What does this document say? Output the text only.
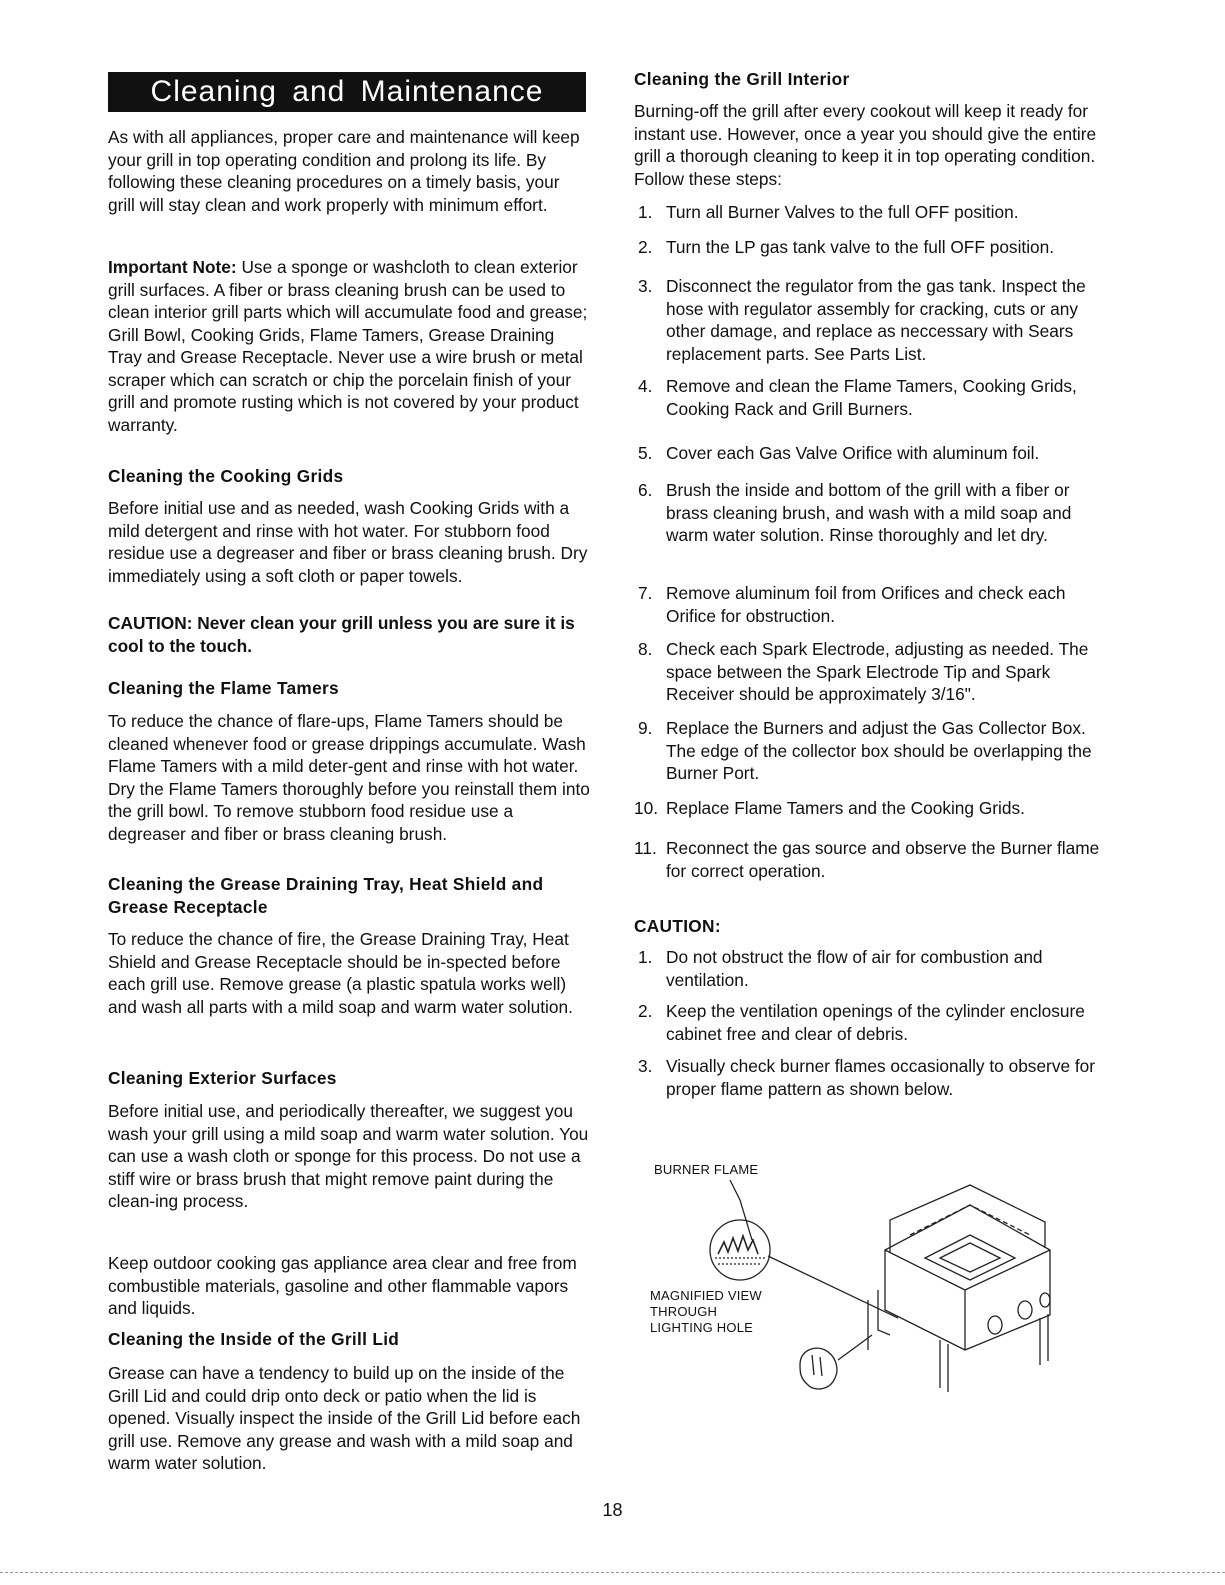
Cleaning and Maintenance

As with all appliances, proper care and maintenance will keep your grill in top operating condition and prolong its life. By following these cleaning procedures on a timely basis, your grill will stay clean and work properly with minimum effort.

Important Note: Use a sponge or washcloth to clean exterior grill surfaces. A fiber or brass cleaning brush can be used to clean interior grill parts which will accumulate food and grease; Grill Bowl, Cooking Grids, Flame Tamers, Grease Draining Tray and Grease Receptacle. Never use a wire brush or metal scraper which can scratch or chip the porcelain finish of your grill and promote rusting which is not covered by your product warranty.

Cleaning the Cooking Grids

Before initial use and as needed, wash Cooking Grids with a mild detergent and rinse with hot water. For stubborn food residue use a degreaser and fiber or brass cleaning brush. Dry immediately using a soft cloth or paper towels.

CAUTION: Never clean your grill unless you are sure it is cool to the touch.

Cleaning the Flame Tamers

To reduce the chance of flare-ups, Flame Tamers should be cleaned whenever food or grease drippings accumulate. Wash Flame Tamers with a mild deter-gent and rinse with hot water. Dry the Flame Tamers thoroughly before you reinstall them into the grill bowl. To remove stubborn food residue use a degreaser and fiber or brass cleaning brush.

Cleaning the Grease Draining Tray, Heat Shield and Grease Receptacle

To reduce the chance of fire, the Grease Draining Tray, Heat Shield and Grease Receptacle should be in-spected before each grill use. Remove grease (a plastic spatula works well) and wash all parts with a mild soap and warm water solution.

Cleaning Exterior Surfaces

Before initial use, and periodically thereafter, we suggest you wash your grill using a mild soap and warm water solution. You can use a wash cloth or sponge for this process. Do not use a stiff wire or brass brush that might remove paint during the clean-ing process.

Keep outdoor cooking gas appliance area clear and free from combustible materials, gasoline and other flammable vapors and liquids.

Cleaning the Inside of the Grill Lid

Grease can have a tendency to build up on the inside of the Grill Lid and could drip onto deck or patio when the lid is opened. Visually inspect the inside of the Grill Lid before each grill use. Remove any grease and wash with a mild soap and warm water solution.

Cleaning the Grill Interior

Burning-off the grill after every cookout will keep it ready for instant use. However, once a year you should give the entire grill a thorough cleaning to keep it in top operating condition. Follow these steps:

1. Turn all Burner Valves to the full OFF position.
2. Turn the LP gas tank valve to the full OFF position.
3. Disconnect the regulator from the gas tank. Inspect the hose with regulator assembly for cracking, cuts or any other damage, and replace as neccessary with Sears replacement parts. See Parts List.
4. Remove and clean the Flame Tamers, Cooking Grids, Cooking Rack and Grill Burners.
5. Cover each Gas Valve Orifice with aluminum foil.
6. Brush the inside and bottom of the grill with a fiber or brass cleaning brush, and wash with a mild soap and warm water solution. Rinse thoroughly and let dry.
7. Remove aluminum foil from Orifices and check each Orifice for obstruction.
8. Check each Spark Electrode, adjusting as needed. The space between the Spark Electrode Tip and Spark Receiver should be approximately 3/16".
9. Replace the Burners and adjust the Gas Collector Box. The edge of the collector box should be overlapping the Burner Port.
10. Replace Flame Tamers and the Cooking Grids.
11. Reconnect the gas source and observe the Burner flame for correct operation.
CAUTION:
1. Do not obstruct the flow of air for combustion and ventilation.
2. Keep the ventilation openings of the cylinder enclosure cabinet free and clear of debris.
3. Visually check burner flames occasionally to observe for proper flame pattern as shown below.
BURNER FLAME
MAGNIFIED VIEW
THROUGH
LIGHTING HOLE
18
